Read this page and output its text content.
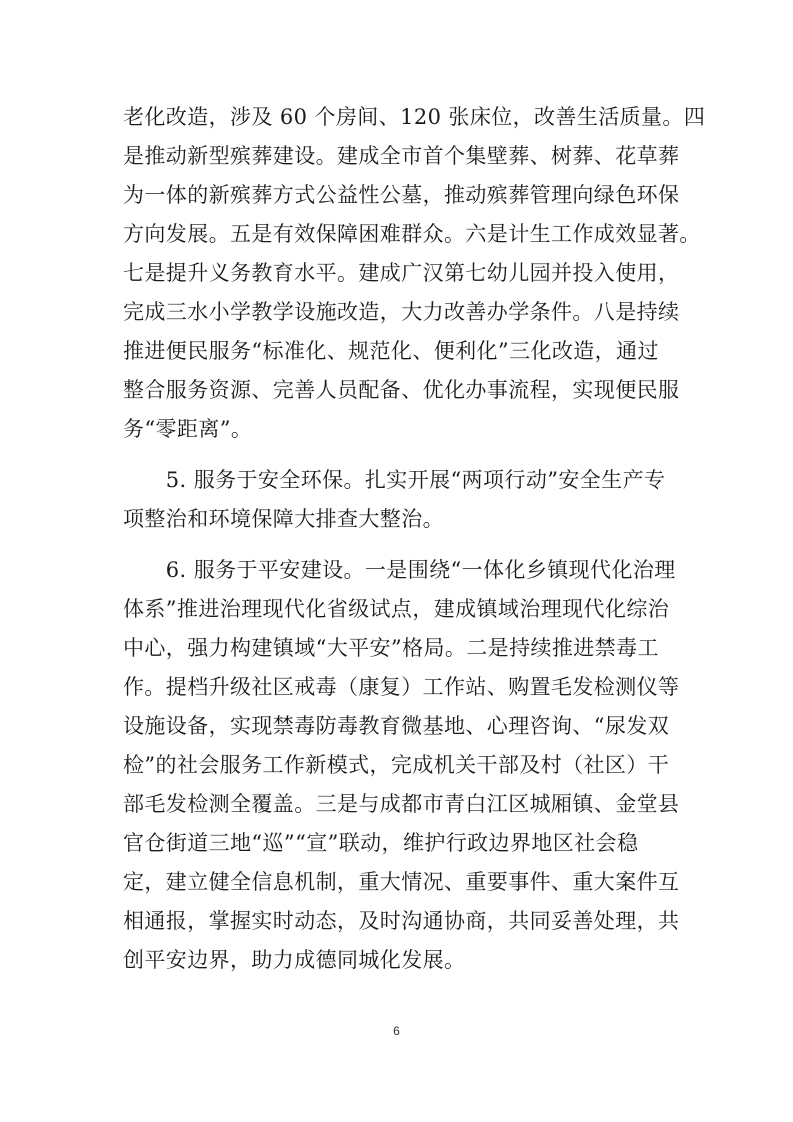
老化改造，涉及 60 个房间、120 张床位，改善生活质量。四
是推动新型殡葬建设。建成全市首个集壁葬、树葬、花草葬
为一体的新殡葬方式公益性公墓，推动殡葬管理向绿色环保
方向发展。五是有效保障困难群众。六是计生工作成效显著。
七是提升义务教育水平。建成广汉第七幼儿园并投入使用，
完成三水小学教学设施改造，大力改善办学条件。八是持续
推进便民服务“标准化、规范化、便利化”三化改造，通过
整合服务资源、完善人员配备、优化办事流程，实现便民服
务“零距离”。
　　5. 服务于安全环保。扎实开展“两项行动”安全生产专
项整治和环境保障大排查大整治。
　　6. 服务于平安建设。一是围绕“一体化乡镇现代化治理
体系”推进治理现代化省级试点，建成镇域治理现代化综治
中心，强力构建镇域“大平安”格局。二是持续推进禁毒工
作。提档升级社区戒毒（康复）工作站、购置毛发检测仪等
设施设备，实现禁毒防毒教育微基地、心理咨询、“尿发双
检”的社会服务工作新模式，完成机关干部及村（社区）干
部毛发检测全覆盖。三是与成都市青白江区城厢镇、金堂县
官仓街道三地“巡”“宣”联动，维护行政边界地区社会稳
定，建立健全信息机制，重大情况、重要事件、重大案件互
相通报，掌握实时动态，及时沟通协商，共同妥善处理，共
创平安边界，助力成德同城化发展。
6
